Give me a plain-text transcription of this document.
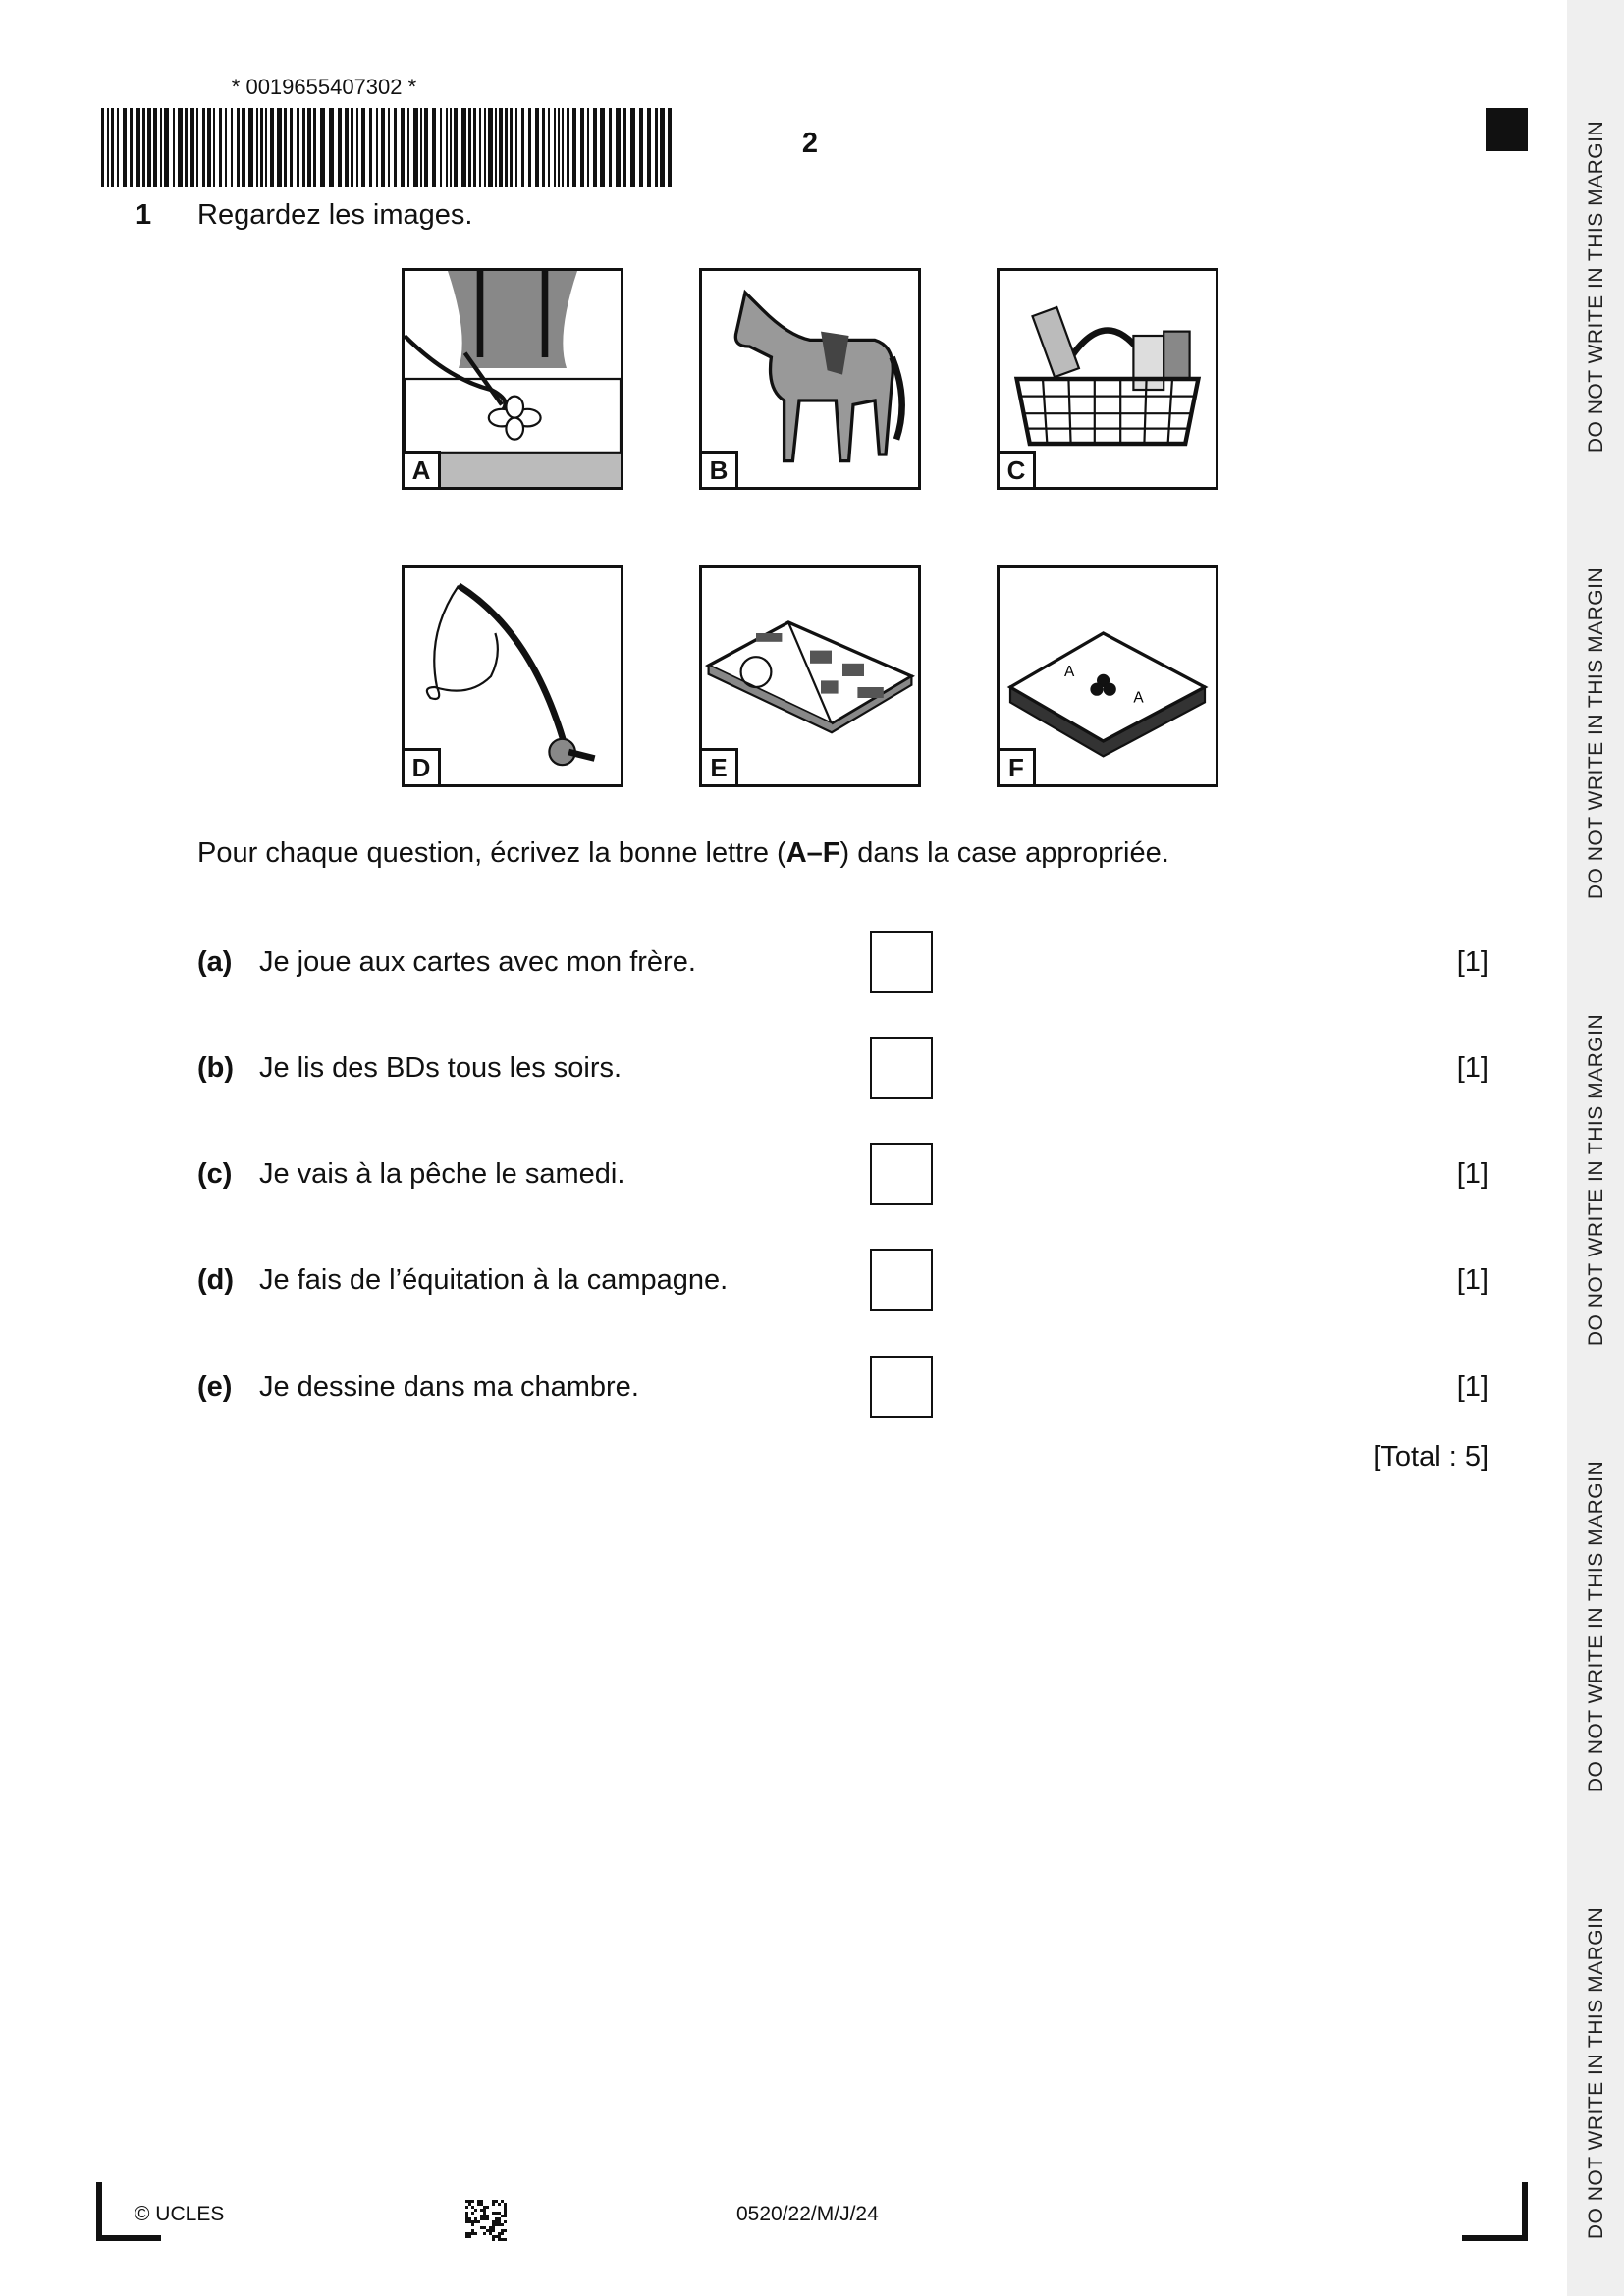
DO NOT WRITE IN THIS MARGIN
DO NOT WRITE IN THIS MARGIN
DO NOT WRITE IN THIS MARGIN
DO NOT WRITE IN THIS MARGIN
DO NOT WRITE IN THIS MARGIN
* 0019655407302 *
2
1 Regardez les images.
A	B	C
D	E
A
A
F
Pour chaque question, écrivez la bonne lettre (A–F) dans la case appropriée.
(a) Je joue aux cartes avec mon frère.	[1]
(b) Je lis des BDs tous les soirs.	[1]
(c) Je vais à la pêche le samedi.	[1]
(d) Je fais de l’équitation à la campagne.	[1]
(e) Je dessine dans ma chambre.	[1]
[Total : 5]
© UCLES	0520/22/M/J/24
